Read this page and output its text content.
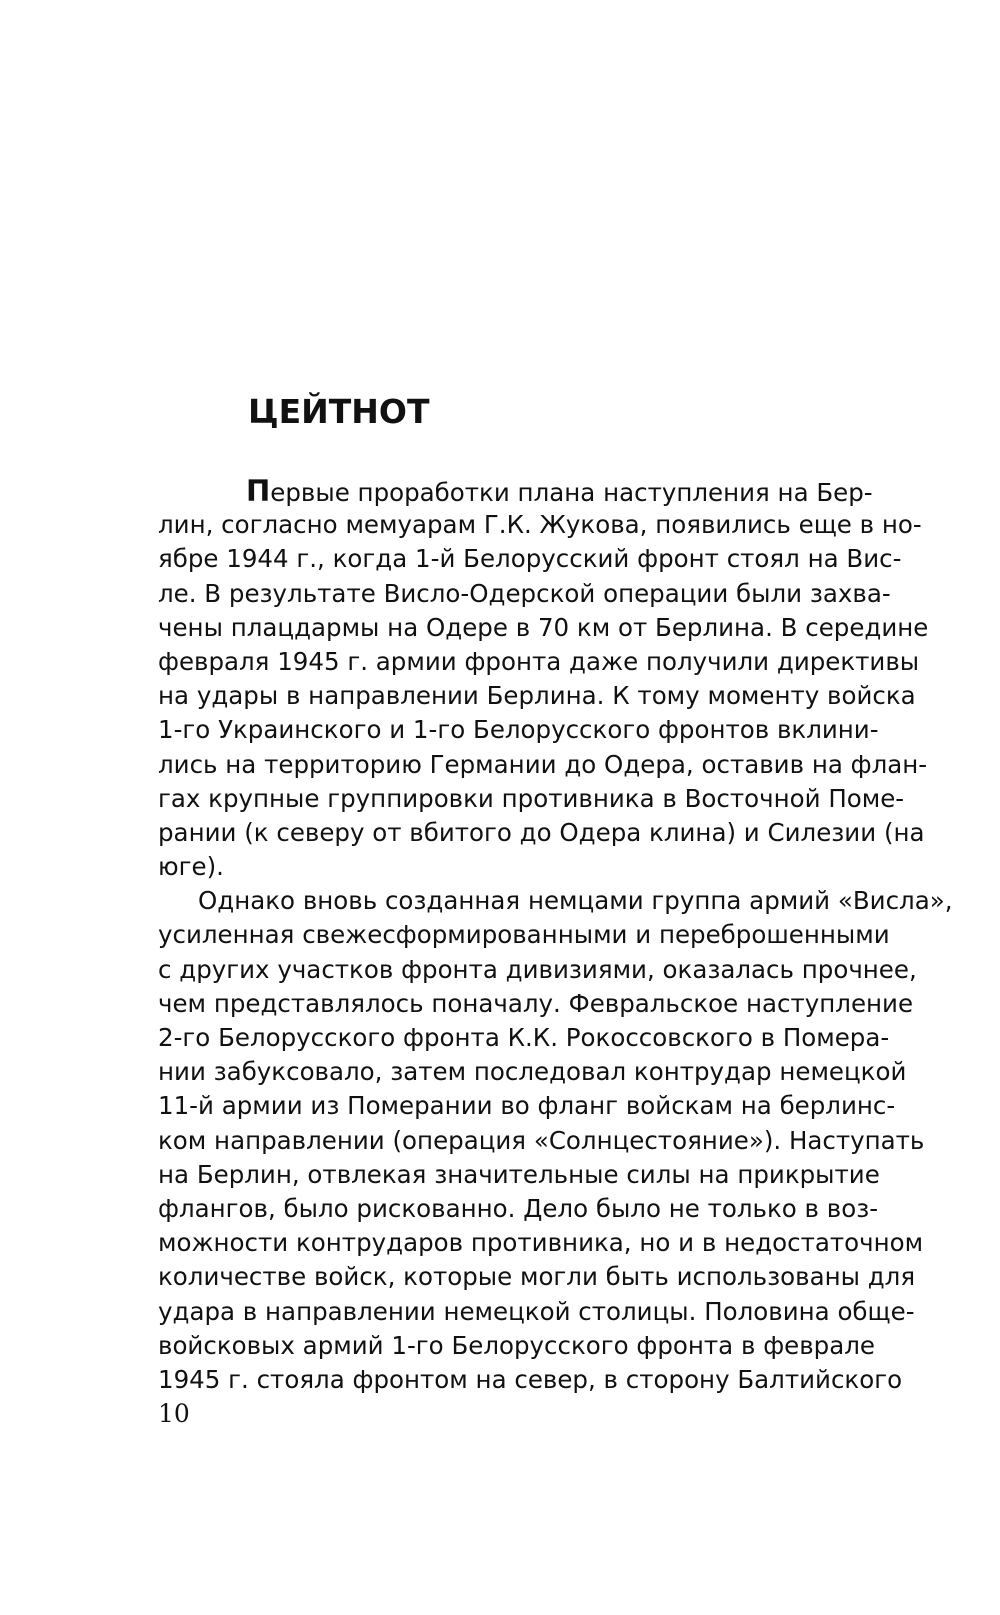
ЦЕЙТНОТ
Первые проработки плана наступления на Бер-
лин, согласно мемуарам Г.К. Жукова, появились еще в но-
ябре 1944 г., когда 1-й Белорусский фронт стоял на Вис-
ле. В результате Висло-Одерской операции были захва-
чены плацдармы на Одере в 70 км от Берлина. В середине
февраля 1945 г. армии фронта даже получили директивы
на удары в направлении Берлина. К тому моменту войска
1-го Украинского и 1-го Белорусского фронтов вклини-
лись на территорию Германии до Одера, оставив на флан-
гах крупные группировки противника в Восточной Поме-
рании (к северу от вбитого до Одера клина) и Силезии (на
юге).
Однако вновь созданная немцами группа армий «Висла»,
усиленная свежесформированными и переброшенными
с других участков фронта дивизиями, оказалась прочнее,
чем представлялось поначалу. Февральское наступление
2-го Белорусского фронта К.К. Рокоссовского в Помера-
нии забуксовало, затем последовал контрудар немецкой
11-й армии из Померании во фланг войскам на берлинс-
ком направлении (операция «Солнцестояние»). Наступать
на Берлин, отвлекая значительные силы на прикрытие
флангов, было рискованно. Дело было не только в воз-
можности контрударов противника, но и в недостаточном
количестве войск, которые могли быть использованы для
удара в направлении немецкой столицы. Половина обще-
войсковых армий 1-го Белорусского фронта в феврале
1945 г. стояла фронтом на север, в сторону Балтийского
10
